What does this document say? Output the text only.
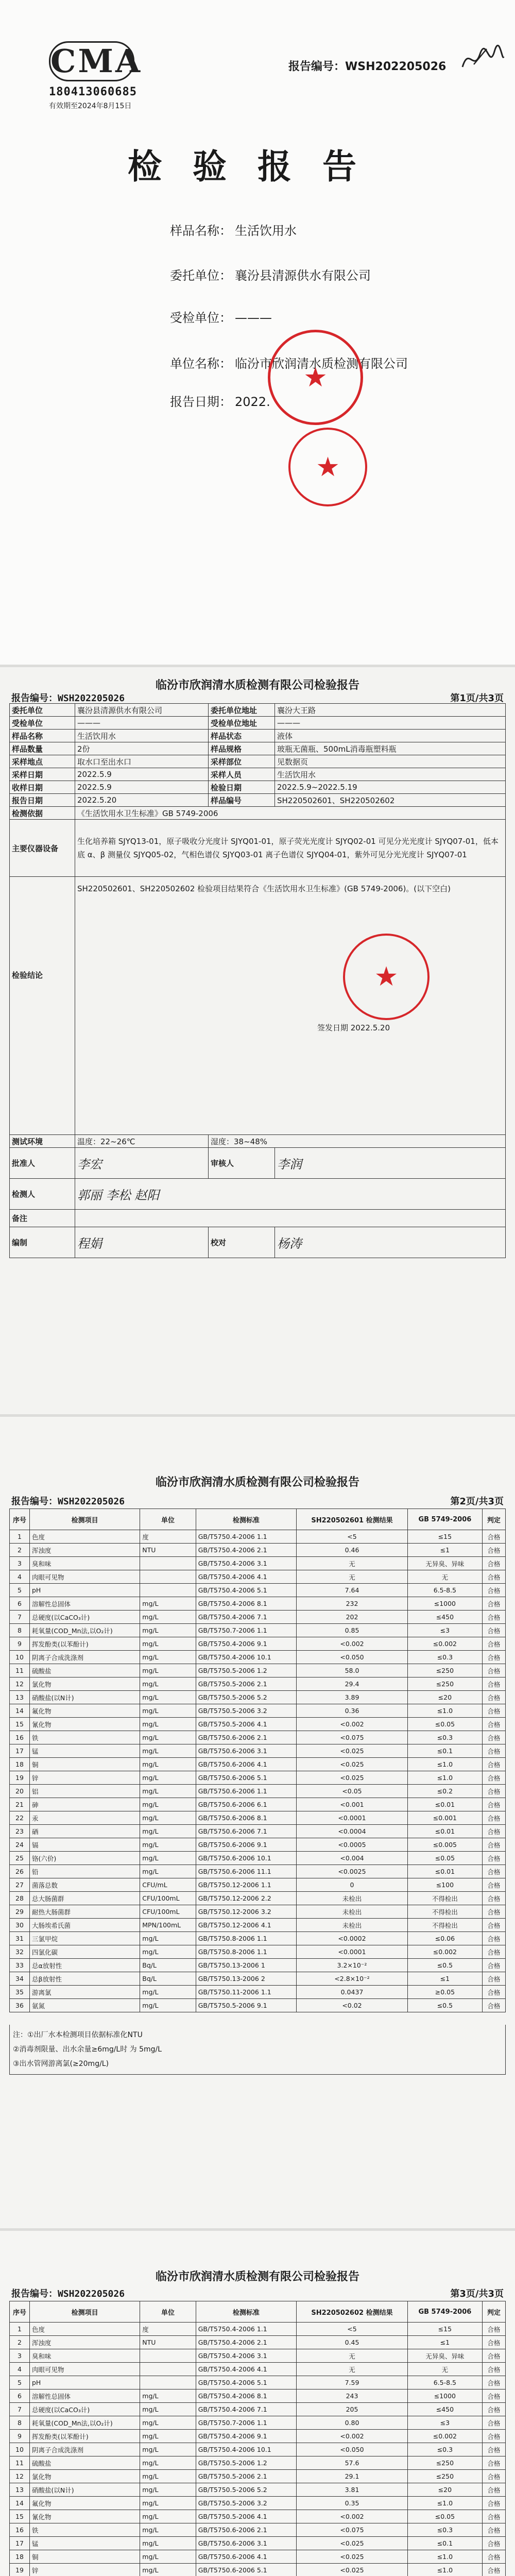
CMA
180413060685
有效期至2024年8月15日
报告编号：WSH202205026
检验报告
样品名称： 生活饮用水
委托单位： 襄汾县清源供水有限公司
受检单位： ———
单位名称： 临汾市欣润清水质检测有限公司
报告日期： 2022.
★
★
临汾市欣润清水质检测有限公司检验报告
报告编号：WSH202205026	第1页/共3页
委托单位	襄汾县清源供水有限公司	委托单位地址	襄汾大王路
受检单位	———	受检单位地址	———
样品名称	生活饮用水	样品状态	液体
样品数量	2份	样品规格	玻瓶无菌瓶、500mL消毒瓶塑料瓶
采样地点	取水口至出水口	采样部位	见数据页
采样日期	2022.5.9	采样人员	生活饮用水
收样日期	2022.5.9	检验日期	2022.5.9~2022.5.19
报告日期	2022.5.20	样品编号	SH220502601、SH220502602
检测依据	《生活饮用水卫生标准》GB 5749-2006		
主要仪器设备	生化培养箱 SJYQ13-01，原子吸收分光度计 SJYQ01-01，原子荧光光度计 SJYQ02-01 可见分光光度计 SJYQ07-01，低本底 α、β 测量仪 SJYQ05-02，气相色谱仪 SJYQ03-01 离子色谱仪 SJYQ04-01，紫外可见分光光度计 SJYQ07-01		
检验结论	SH220502601、SH220502602 检验项目结果符合《生活饮用水卫生标准》(GB 5749-2006)。(以下空白)
★
签发日期 2022.5.20		

测试环境	温度：22~26℃	湿度：38~48%	
批准人	李宏	审核人	李润
检测人	郭丽 李松 赵阳		
备注			
编制	程娟	校对	杨涛
临汾市欣润清水质检测有限公司检验报告
报告编号：WSH202205026	第2页/共3页
序号	检测项目	单位	检测标准	SH220502601 检测结果	GB 5749-2006	判定
1	色度	度	GB/T5750.4-2006 1.1	<5	≤15	合格
2	浑浊度	NTU	GB/T5750.4-2006 2.1	0.46	≤1	合格
3	臭和味		GB/T5750.4-2006 3.1	无	无异臭、异味	合格
4	肉眼可见物		GB/T5750.4-2006 4.1	无	无	合格
5	pH		GB/T5750.4-2006 5.1	7.64	6.5-8.5	合格
6	溶解性总固体	mg/L	GB/T5750.4-2006 8.1	232	≤1000	合格
7	总硬度(以CaCO₃计)	mg/L	GB/T5750.4-2006 7.1	202	≤450	合格
8	耗氧量(COD_Mn法,以O₂计)	mg/L	GB/T5750.7-2006 1.1	0.85	≤3	合格
9	挥发酚类(以苯酚计)	mg/L	GB/T5750.4-2006 9.1	<0.002	≤0.002	合格
10	阴离子合成洗涤剂	mg/L	GB/T5750.4-2006 10.1	<0.050	≤0.3	合格
11	硫酸盐	mg/L	GB/T5750.5-2006 1.2	58.0	≤250	合格
12	氯化物	mg/L	GB/T5750.5-2006 2.1	29.4	≤250	合格
13	硝酸盐(以N计)	mg/L	GB/T5750.5-2006 5.2	3.89	≤20	合格
14	氟化物	mg/L	GB/T5750.5-2006 3.2	0.36	≤1.0	合格
15	氰化物	mg/L	GB/T5750.5-2006 4.1	<0.002	≤0.05	合格
16	铁	mg/L	GB/T5750.6-2006 2.1	<0.075	≤0.3	合格
17	锰	mg/L	GB/T5750.6-2006 3.1	<0.025	≤0.1	合格
18	铜	mg/L	GB/T5750.6-2006 4.1	<0.025	≤1.0	合格
19	锌	mg/L	GB/T5750.6-2006 5.1	<0.025	≤1.0	合格
20	铝	mg/L	GB/T5750.6-2006 1.1	<0.05	≤0.2	合格
21	砷	mg/L	GB/T5750.6-2006 6.1	<0.001	≤0.01	合格
22	汞	mg/L	GB/T5750.6-2006 8.1	<0.0001	≤0.001	合格
23	硒	mg/L	GB/T5750.6-2006 7.1	<0.0004	≤0.01	合格
24	镉	mg/L	GB/T5750.6-2006 9.1	<0.0005	≤0.005	合格
25	铬(六价)	mg/L	GB/T5750.6-2006 10.1	<0.004	≤0.05	合格
26	铅	mg/L	GB/T5750.6-2006 11.1	<0.0025	≤0.01	合格
27	菌落总数	CFU/mL	GB/T5750.12-2006 1.1	0	≤100	合格
28	总大肠菌群	CFU/100mL	GB/T5750.12-2006 2.2	未检出	不得检出	合格
29	耐热大肠菌群	CFU/100mL	GB/T5750.12-2006 3.2	未检出	不得检出	合格
30	大肠埃希氏菌	MPN/100mL	GB/T5750.12-2006 4.1	未检出	不得检出	合格
31	三氯甲烷	mg/L	GB/T5750.8-2006 1.1	<0.0002	≤0.06	合格
32	四氯化碳	mg/L	GB/T5750.8-2006 1.1	<0.0001	≤0.002	合格
33	总α放射性	Bq/L	GB/T5750.13-2006 1	3.2×10⁻²	≤0.5	合格
34	总β放射性	Bq/L	GB/T5750.13-2006 2	<2.8×10⁻²	≤1	合格
35	游离氯	mg/L	GB/T5750.11-2006 1.1	0.0437	≥0.05	合格
36	氨氮	mg/L	GB/T5750.5-2006 9.1	<0.02	≤0.5	合格
注：①出厂水本检测项目依据标准化NTU
②消毒剂限量、出水余量≥6mg/L时 为 5mg/L
③出水管网游离氯(≥20mg/L)
临汾市欣润清水质检测有限公司检验报告
报告编号：WSH202205026	第3页/共3页
序号	检测项目	单位	检测标准	SH220502602 检测结果	GB 5749-2006	判定
1	色度	度	GB/T5750.4-2006 1.1	<5	≤15	合格
2	浑浊度	NTU	GB/T5750.4-2006 2.1	0.45	≤1	合格
3	臭和味		GB/T5750.4-2006 3.1	无	无异臭、异味	合格
4	肉眼可见物		GB/T5750.4-2006 4.1	无	无	合格
5	pH		GB/T5750.4-2006 5.1	7.59	6.5-8.5	合格
6	溶解性总固体	mg/L	GB/T5750.4-2006 8.1	243	≤1000	合格
7	总硬度(以CaCO₃计)	mg/L	GB/T5750.4-2006 7.1	205	≤450	合格
8	耗氧量(COD_Mn法,以O₂计)	mg/L	GB/T5750.7-2006 1.1	0.80	≤3	合格
9	挥发酚类(以苯酚计)	mg/L	GB/T5750.4-2006 9.1	<0.002	≤0.002	合格
10	阴离子合成洗涤剂	mg/L	GB/T5750.4-2006 10.1	<0.050	≤0.3	合格
11	硫酸盐	mg/L	GB/T5750.5-2006 1.2	57.6	≤250	合格
12	氯化物	mg/L	GB/T5750.5-2006 2.1	29.1	≤250	合格
13	硝酸盐(以N计)	mg/L	GB/T5750.5-2006 5.2	3.81	≤20	合格
14	氟化物	mg/L	GB/T5750.5-2006 3.2	0.35	≤1.0	合格
15	氰化物	mg/L	GB/T5750.5-2006 4.1	<0.002	≤0.05	合格
16	铁	mg/L	GB/T5750.6-2006 2.1	<0.075	≤0.3	合格
17	锰	mg/L	GB/T5750.6-2006 3.1	<0.025	≤0.1	合格
18	铜	mg/L	GB/T5750.6-2006 4.1	<0.025	≤1.0	合格
19	锌	mg/L	GB/T5750.6-2006 5.1	<0.025	≤1.0	合格
